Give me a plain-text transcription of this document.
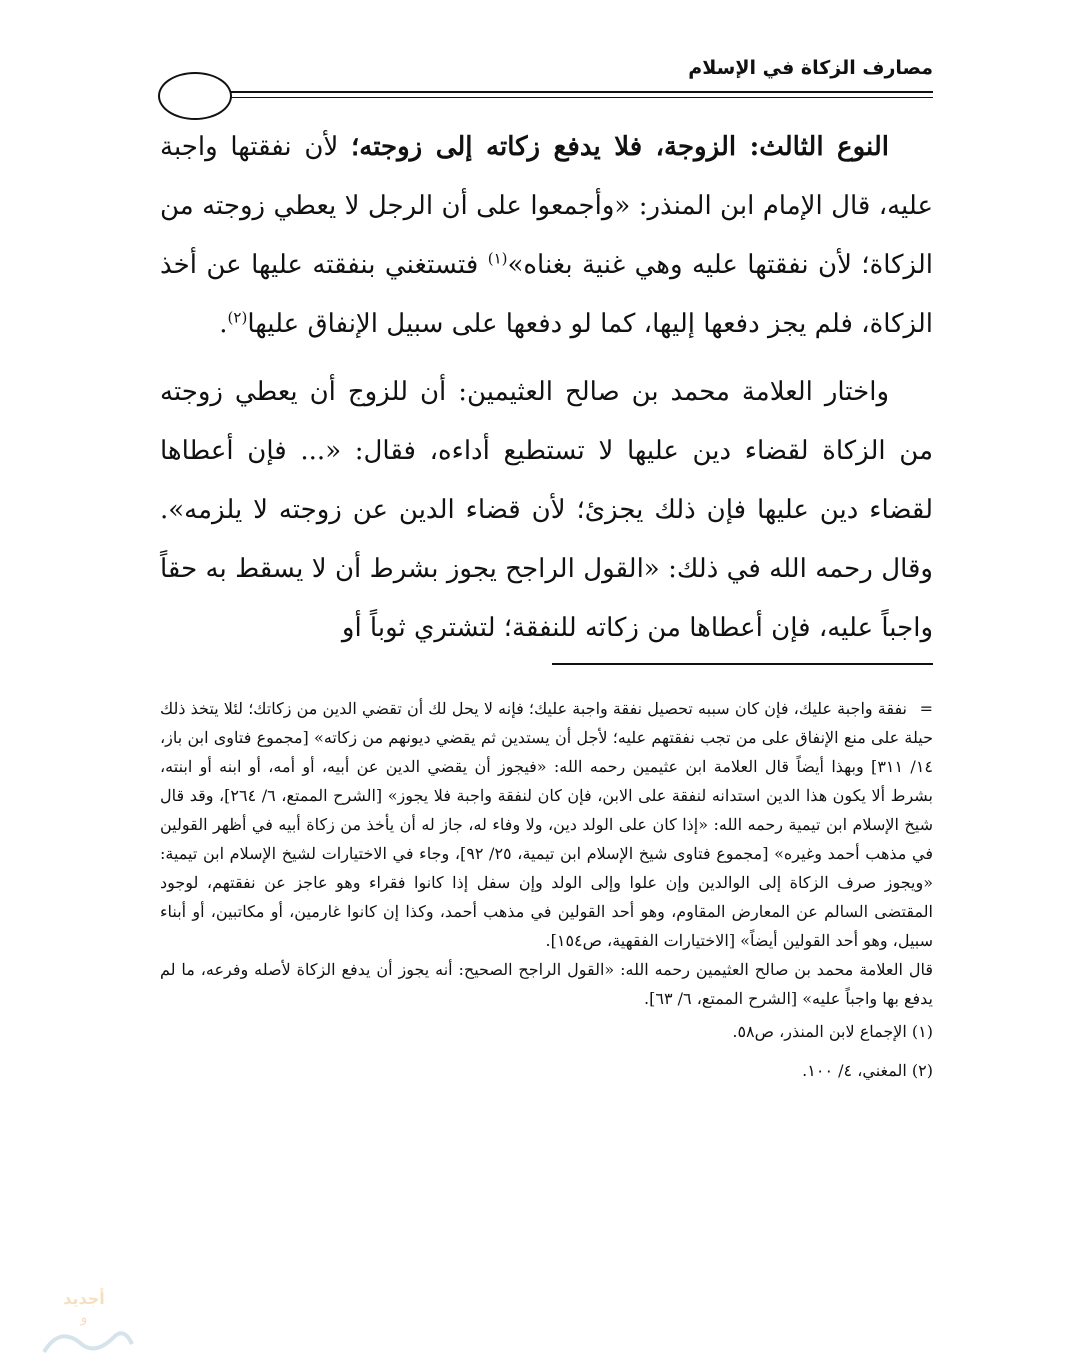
مصارف الزكاة في الإسلام

النوع الثالث: الزوجة، فلا يدفع زكاته إلى زوجته؛ لأن نفقتها واجبة عليه، قال الإمام ابن المنذر: «وأجمعوا على أن الرجل لا يعطي زوجته من الزكاة؛ لأن نفقتها عليه وهي غنية بغناه»$^{(١)}$ فتستغني بنفقته عليها عن أخذ الزكاة، فلم يجز دفعها إليها، كما لو دفعها على سبيل الإنفاق عليها$^{(٢)}$.

واختار العلامة محمد بن صالح العثيمين: أن للزوج أن يعطي زوجته من الزكاة لقضاء دين عليها لا تستطيع أداءه، فقال: «... فإن أعطاها لقضاء دين عليها فإن ذلك يجزئ؛ لأن قضاء الدين عن زوجته لا يلزمه». وقال رحمه الله في ذلك: «القول الراجح يجوز بشرط أن لا يسقط به حقاً واجباً عليه، فإن أعطاها من زكاته للنفقة؛ لتشتري ثوباً أو

=نفقة واجبة عليك، فإن كان سببه تحصيل نفقة واجبة عليك؛ فإنه لا يحل لك أن تقضي الدين من زكاتك؛ لئلا يتخذ ذلك حيلة على منع الإنفاق على من تجب نفقتهم عليه؛ لأجل أن يستدين ثم يقضي ديونهم من زكاته» [مجموع فتاوى ابن باز، ١٤/ ٣١١] وبهذا أيضاً قال العلامة ابن عثيمين رحمه الله: «فيجوز أن يقضي الدين عن أبيه، أو أمه، أو ابنه أو ابنته، بشرط ألا يكون هذا الدين استدانه لنفقة على الابن، فإن كان لنفقة واجبة فلا يجوز» [الشرح الممتع، ٦/ ٢٦٤]، وقد قال شيخ الإسلام ابن تيمية رحمه الله: «إذا كان على الولد دين، ولا وفاء له، جاز له أن يأخذ من زكاة أبيه في أظهر القولين في مذهب أحمد وغيره» [مجموع فتاوى شيخ الإسلام ابن تيمية، ٢٥/ ٩٢]، وجاء في الاختيارات لشيخ الإسلام ابن تيمية: «ويجوز صرف الزكاة إلى الوالدين وإن علوا وإلى الولد وإن سفل إذا كانوا فقراء وهو عاجز عن نفقتهم، لوجود المقتضى السالم عن المعارض المقاوم، وهو أحد القولين في مذهب أحمد، وكذا إن كانوا غارمين، أو مكاتبين، أو أبناء سبيل، وهو أحد القولين أيضاً» [الاختيارات الفقهية، ص١٥٤].

قال العلامة محمد بن صالح العثيمين رحمه الله: «القول الراجح الصحيح: أنه يجوز أن يدفع الزكاة لأصله وفرعه، ما لم يدفع بها واجباً عليه» [الشرح الممتع، ٦/ ٦٣].

(١) الإجماع لابن المنذر، ص٥٨.

(٢) المغني، ٤/ ١٠٠.

أجديد
و
